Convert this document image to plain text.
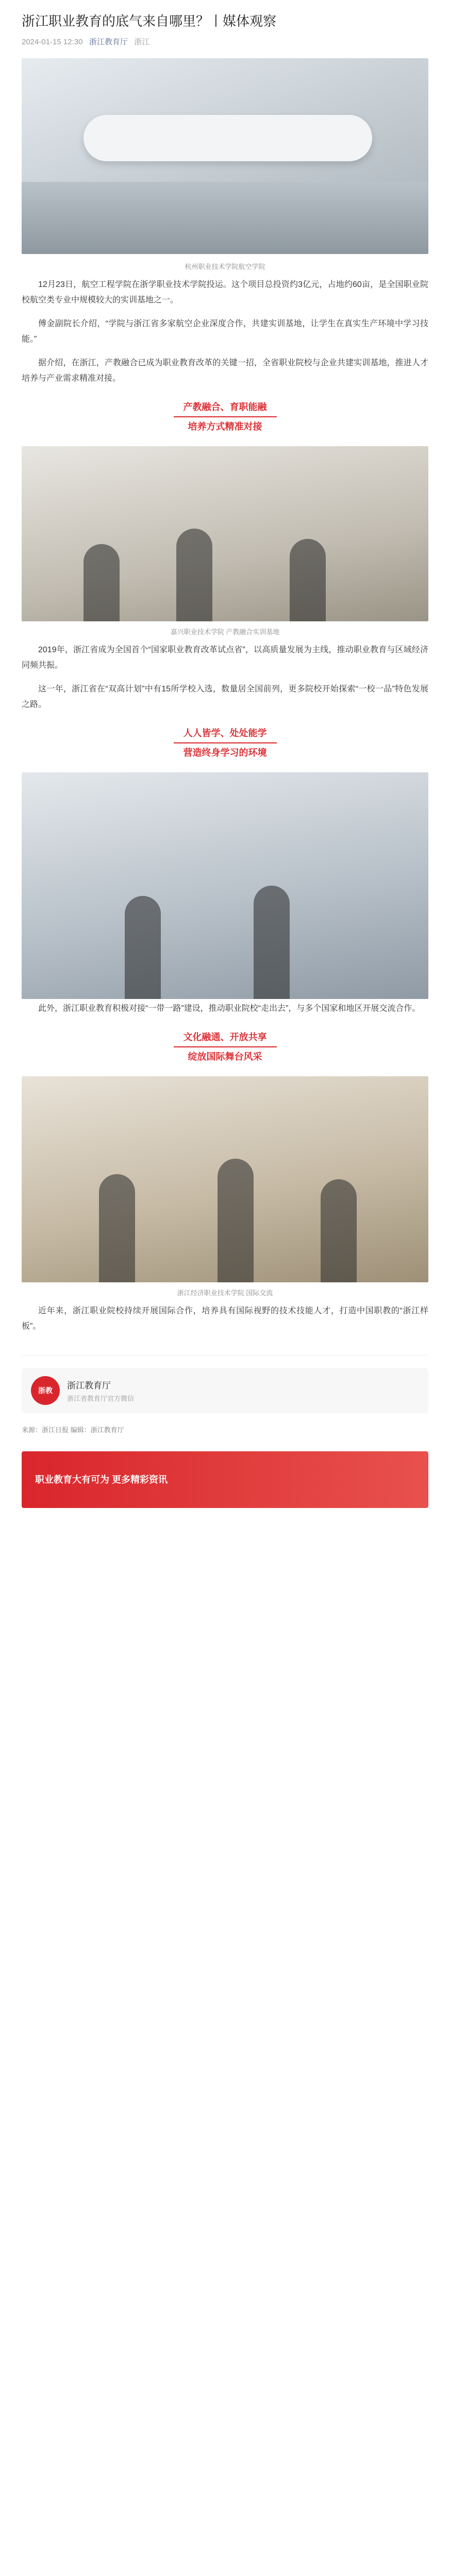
浙江职业教育的底气来自哪里？丨媒体观察
2024-01-15 12:30 浙江教育厅 浙江
杭州职业技术学院航空学院

12月23日，航空工程学院在浙学职业技术学院投运。这个项目总投资约3亿元，占地约60亩，是全国职业院校航空类专业中规模较大的实训基地之一。

傅金副院长介绍，“学院与浙江省多家航空企业深度合作，共建实训基地，让学生在真实生产环境中学习技能。”

据介绍，在浙江，产教融合已成为职业教育改革的关键一招，全省职业院校与企业共建实训基地，推进人才培养与产业需求精准对接。

产教融合、育职能融
培养方式精准对接
嘉兴职业技术学院 产教融合实训基地

2019年，浙江省成为全国首个“国家职业教育改革试点省”，以高质量发展为主线，推动职业教育与区域经济同频共振。

这一年，浙江省在“双高计划”中有15所学校入选，数量居全国前列，更多院校开始探索“一校一品”特色发展之路。

人人皆学、处处能学
营造终身学习的环境

此外，浙江职业教育积极对接“一带一路”建设，推动职业院校“走出去”，与多个国家和地区开展交流合作。

文化融通、开放共享
绽放国际舞台风采
浙江经济职业技术学院 国际交流

近年来，浙江职业院校持续开展国际合作，培养具有国际视野的技术技能人才，打造中国职教的“浙江样板”。

浙教	浙江教育厅
浙江省教育厅官方微信
来源：浙江日报 编辑：浙江教育厅
职业教育大有可为 更多精彩资讯
